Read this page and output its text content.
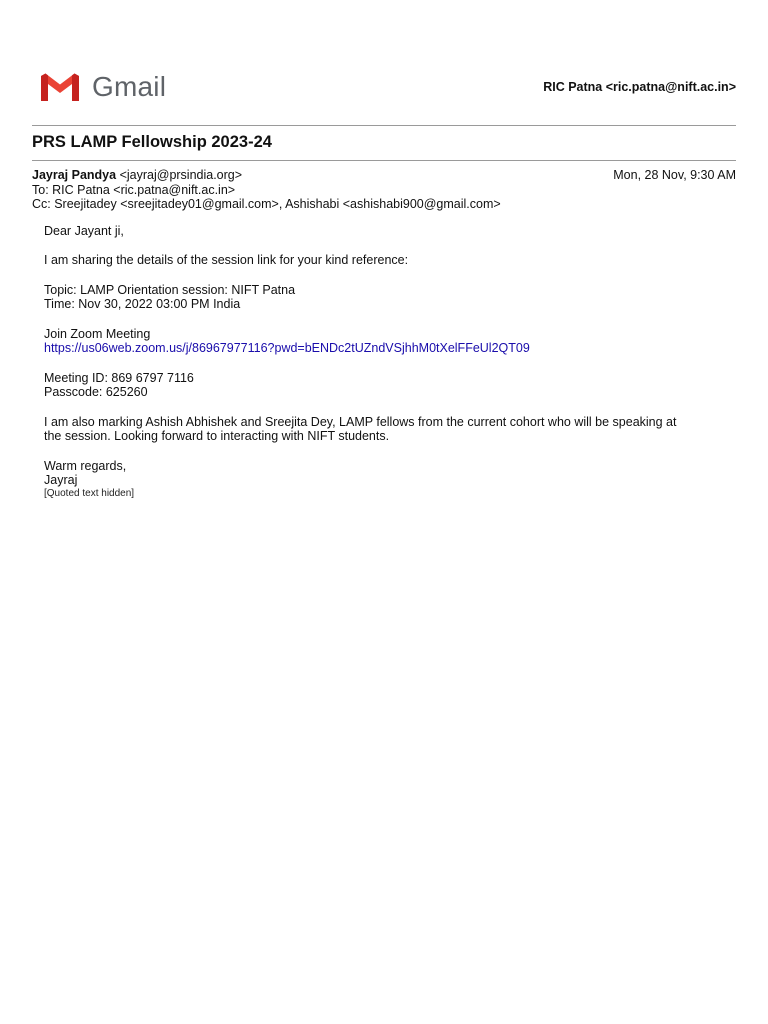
Gmail	RIC Patna <ric.patna@nift.ac.in>
PRS LAMP Fellowship 2023-24
Jayraj Pandya <jayraj@prsindia.org>	Mon, 28 Nov, 9:30 AM
To: RIC Patna <ric.patna@nift.ac.in>
Cc: Sreejitadey <sreejitadey01@gmail.com>, Ashishabi <ashishabi900@gmail.com>

Dear Jayant ji,

I am sharing the details of the session link for your kind reference:

Topic: LAMP Orientation session: NIFT Patna

Time: Nov 30, 2022 03:00 PM India

Join Zoom Meeting

https://us06web.zoom.us/j/86967977116?pwd=bENDc2tUZndVSjhhM0tXelFFeUl2QT09

Meeting ID: 869 6797 7116

Passcode: 625260

I am also marking Ashish Abhishek and Sreejita Dey, LAMP fellows from the current cohort who will be speaking at

the session. Looking forward to interacting with NIFT students.

Warm regards,

Jayraj

[Quoted text hidden]
